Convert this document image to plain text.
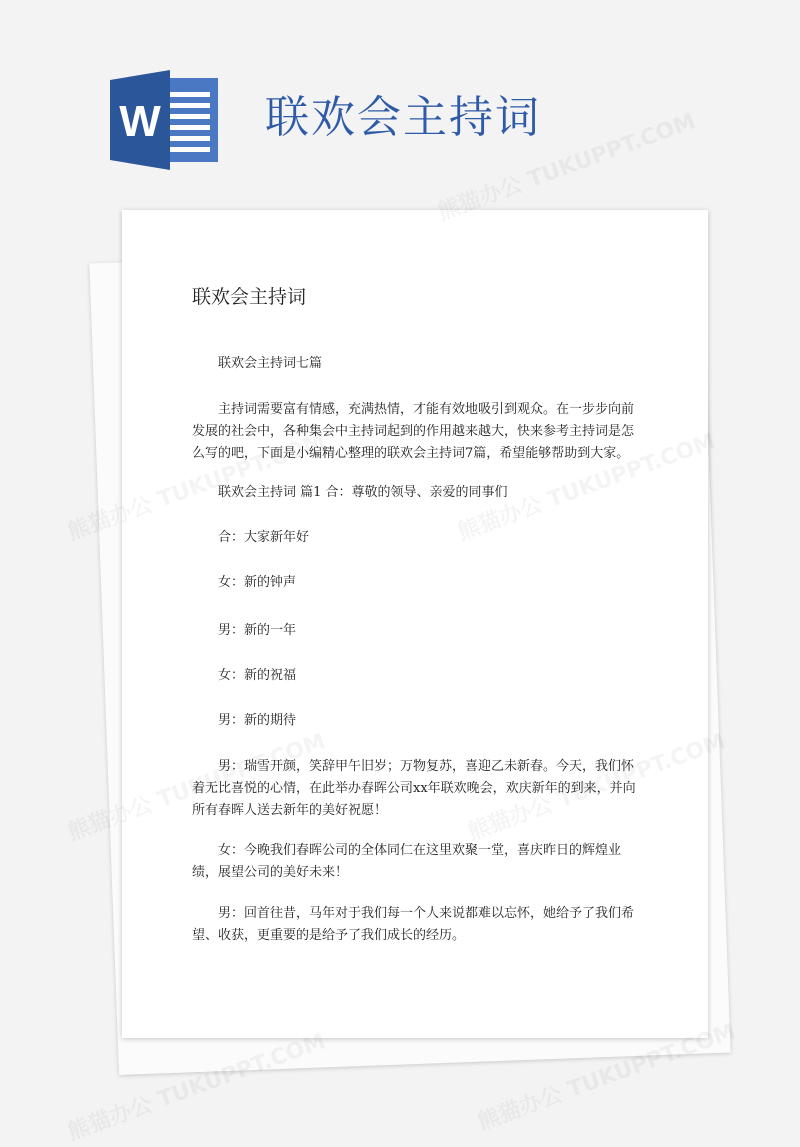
W 联欢会主持词
联欢会主持词

联欢会主持词七篇

主持词需要富有情感，充满热情，才能有效地吸引到观众。在一步步向前发展的社会中，各种集会中主持词起到的作用越来越大，快来参考主持词是怎么写的吧，下面是小编精心整理的联欢会主持词7篇，希望能够帮助到大家。

联欢会主持词 篇1 合：尊敬的领导、亲爱的同事们

合：大家新年好

女：新的钟声

男：新的一年

女：新的祝福

男：新的期待

男：瑞雪开颜，笑辞甲午旧岁；万物复苏，喜迎乙未新春。今天，我们怀着无比喜悦的心情，在此举办春晖公司xx年联欢晚会，欢庆新年的到来，并向所有春晖人送去新年的美好祝愿！

女：今晚我们春晖公司的全体同仁在这里欢聚一堂，喜庆昨日的辉煌业绩，展望公司的美好未来！

男：回首往昔，马年对于我们每一个人来说都难以忘怀，她给予了我们希望、收获，更重要的是给予了我们成长的经历。
